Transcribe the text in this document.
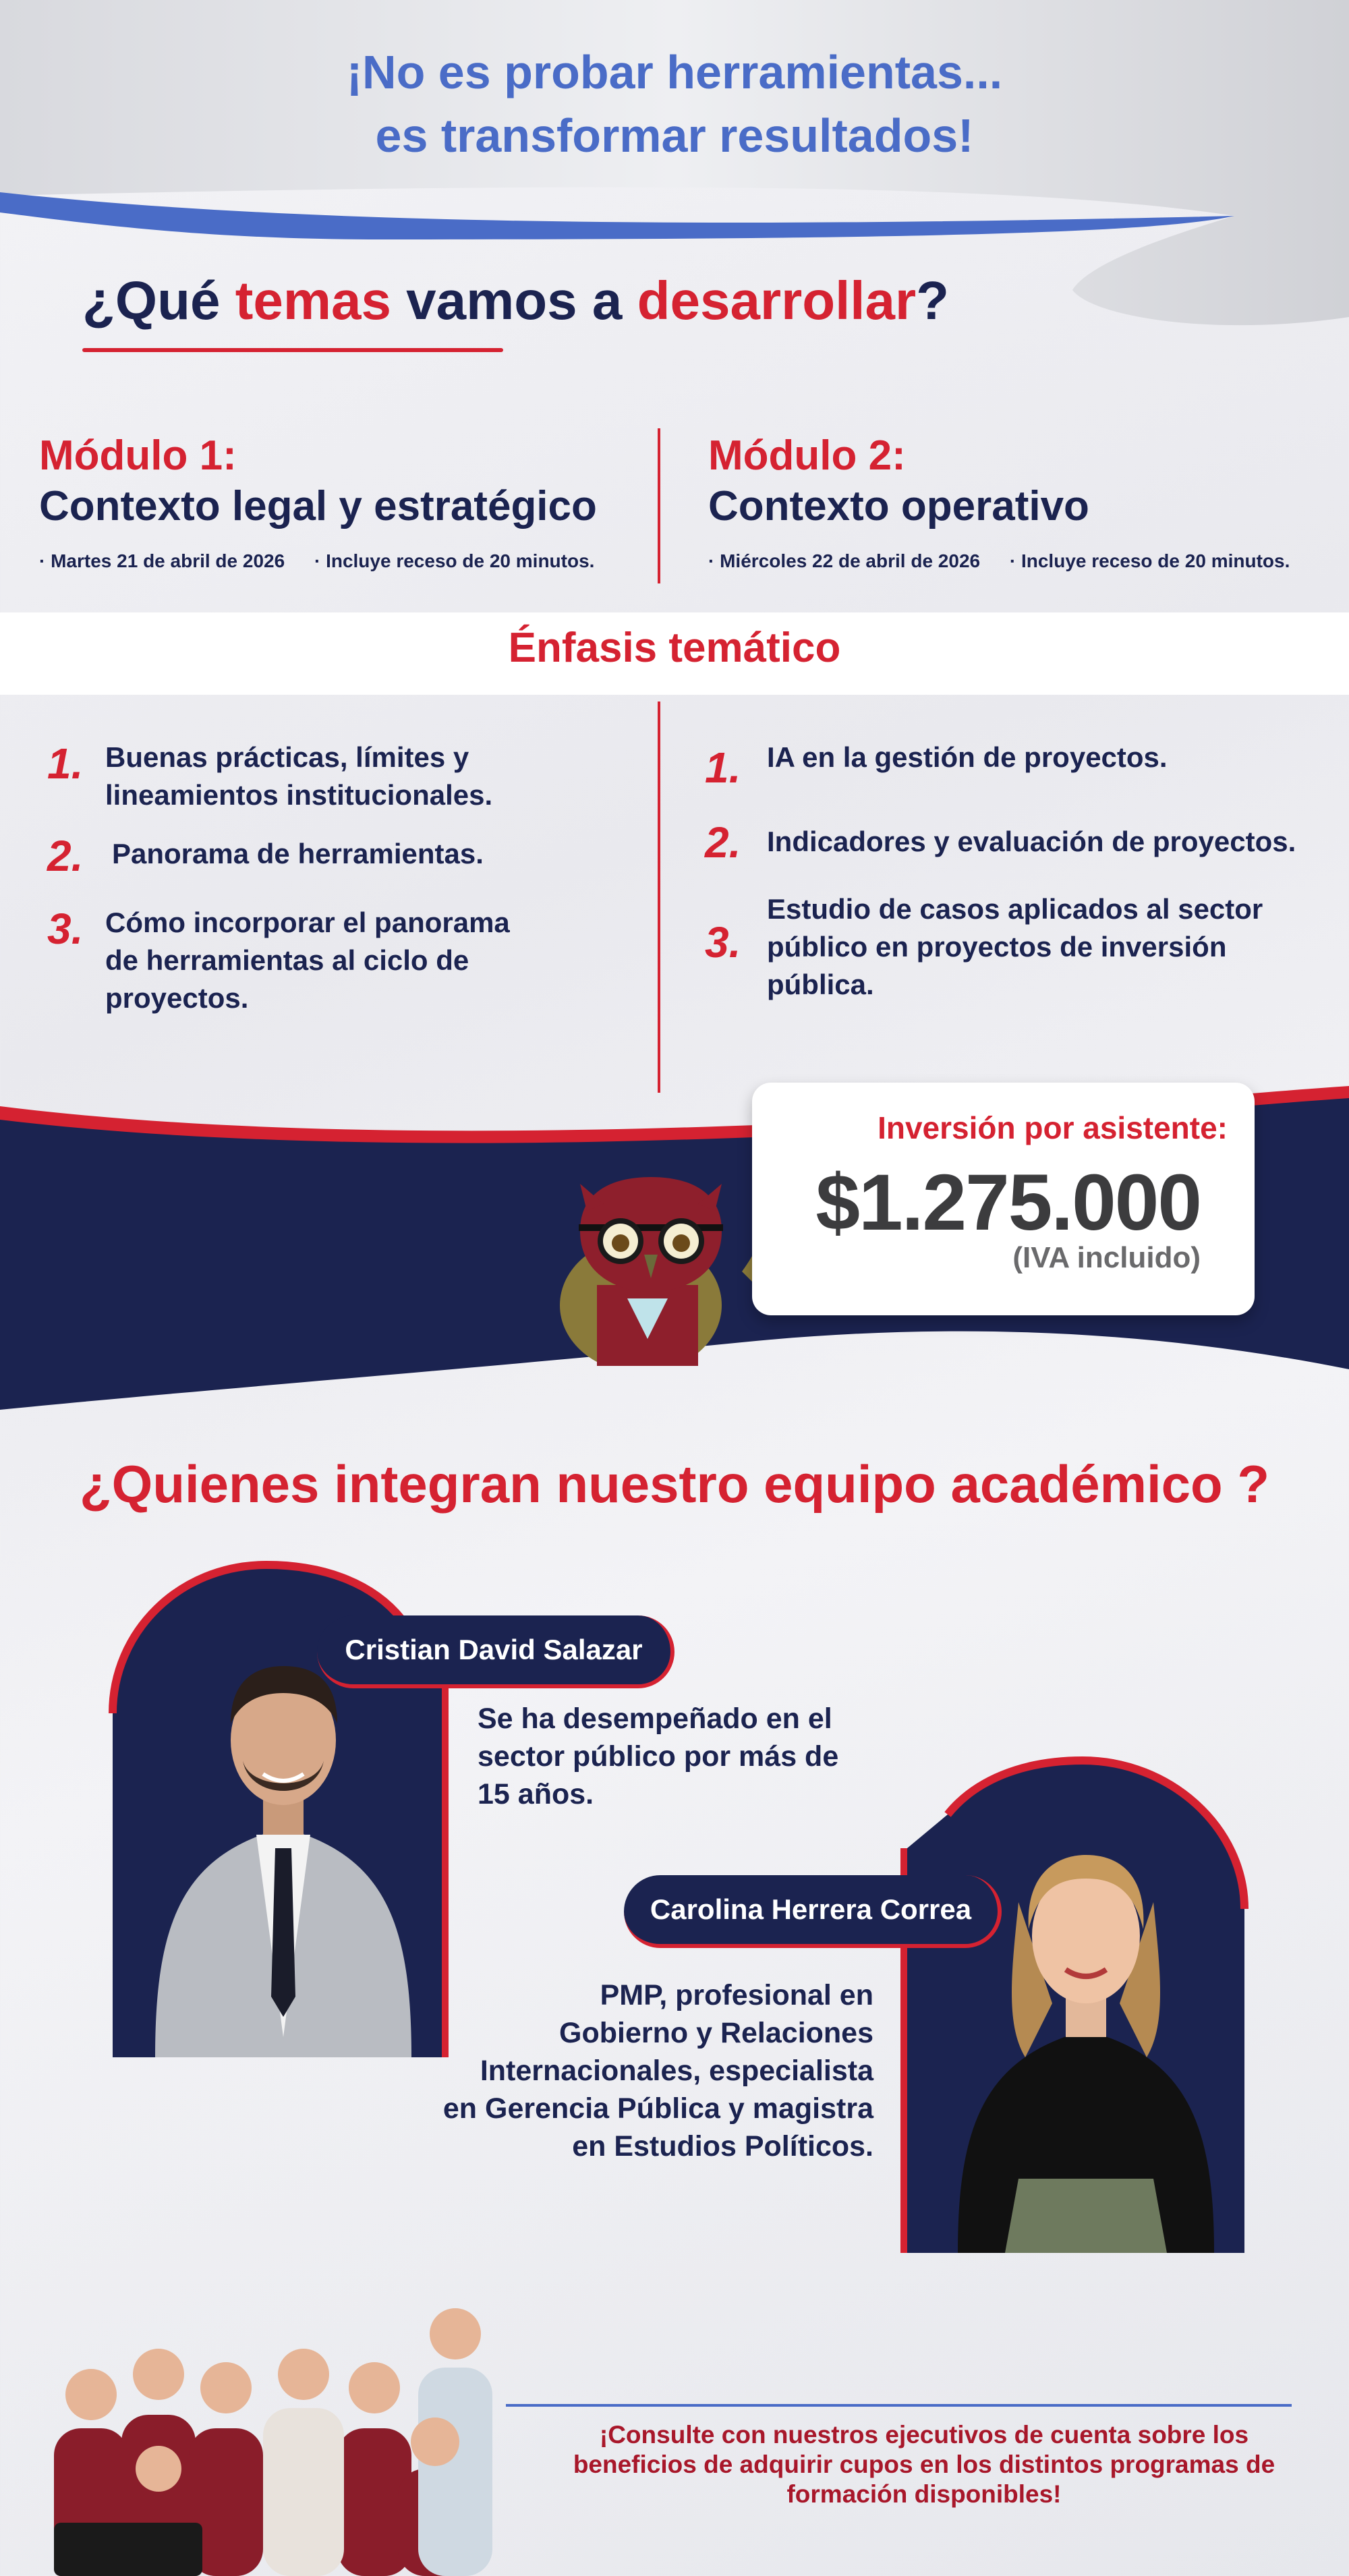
¡No es probar herramientas...
es transformar resultados!
¿Qué temas vamos a desarrollar?
Módulo 1:
Contexto legal y estratégico
· Martes 21 de abril de 2026 · Incluye receso de 20 minutos.
Módulo 2:
Contexto operativo
· Miércoles 22 de abril de 2026 · Incluye receso de 20 minutos.
Énfasis temático
1. Buenas prácticas, límites y
lineamientos institucionales.
2. Panorama de herramientas.
3. Cómo incorporar el panorama
de herramientas al ciclo de
proyectos.
1. IA en la gestión de proyectos.
2. Indicadores y evaluación de proyectos.
3.
Estudio de casos aplicados al sector
público en proyectos de inversión
pública.
Inversión por asistente:
$1.275.000
(IVA incluido)
¿Quienes integran nuestro equipo académico ?
Cristian David Salazar
Se ha desempeñado en el
sector público por más de
15 años.
Carolina Herrera Correa
PMP, profesional en
Gobierno y Relaciones
Internacionales, especialista
en Gerencia Pública y magistra
en Estudios Políticos.
¡Consulte con nuestros ejecutivos de cuenta sobre los
beneficios de adquirir cupos en los distintos programas de
formación disponibles!
